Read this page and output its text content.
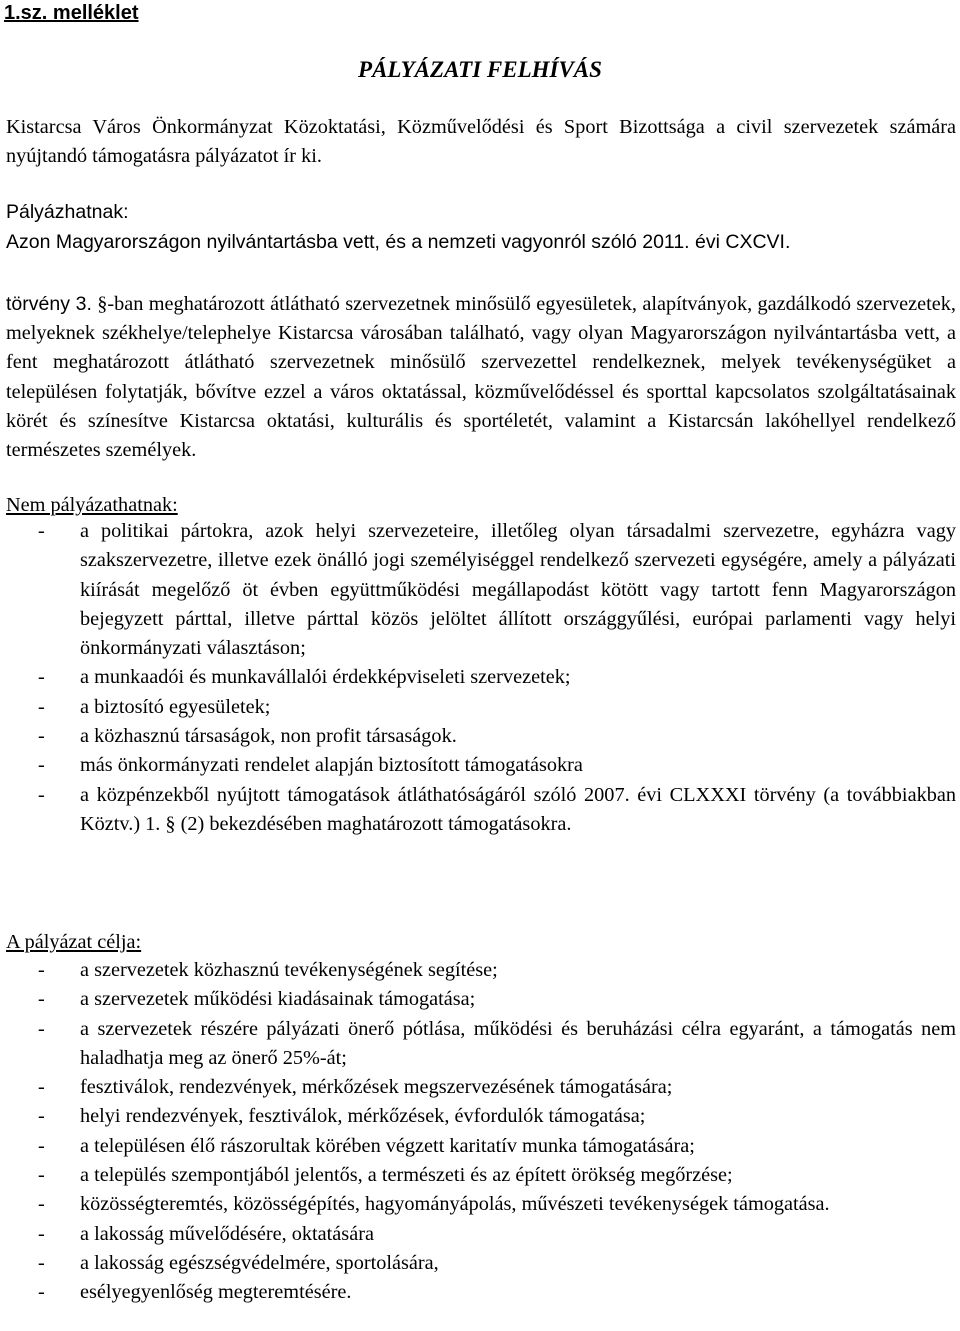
1.sz. melléklet

PÁLYÁZATI FELHÍVÁS

Kistarcsa Város Önkormányzat Közoktatási, Közművelődési és Sport Bizottsága a civil szervezetek számára nyújtandó támogatásra pályázatot ír ki.

Pályázhatnak:

Azon Magyarországon nyilvántartásba vett, és a nemzeti vagyonról szóló 2011. évi CXCVI.

törvény 3. §-ban meghatározott átlátható szervezetnek minősülő egyesületek, alapítványok, gazdálkodó szervezetek, melyeknek székhelye/telephelye Kistarcsa városában található, vagy olyan Magyarországon nyilvántartásba vett, a fent meghatározott átlátható szervezetnek minősülő szervezettel rendelkeznek, melyek tevékenységüket a településen folytatják, bővítve ezzel a város oktatással, közművelődéssel és sporttal kapcsolatos szolgáltatásainak körét és színesítve Kistarcsa oktatási, kulturális és sportéletét, valamint a Kistarcsán lakóhellyel rendelkező természetes személyek.

Nem pályázathatnak:

- a politikai pártokra, azok helyi szervezeteire, illetőleg olyan társadalmi szervezetre, egyházra vagy szakszervezetre, illetve ezek önálló jogi személyiséggel rendelkező szervezeti egységére, amely a pályázati kiírását megelőző öt évben együttműködési megállapodást kötött vagy tartott fenn Magyarországon bejegyzett párttal, illetve párttal közös jelöltet állított országgyűlési, európai parlamenti vagy helyi önkormányzati választáson;
- a munkaadói és munkavállalói érdekképviseleti szervezetek;
- a biztosító egyesületek;
- a közhasznú társaságok, non profit társaságok.
- más önkormányzati rendelet alapján biztosított támogatásokra
- a közpénzekből nyújtott támogatások átláthatóságáról szóló 2007. évi CLXXXI törvény (a továbbiakban Köztv.) 1. § (2) bekezdésében maghatározott támogatásokra.

A pályázat célja:

- a szervezetek közhasznú tevékenységének segítése;
- a szervezetek működési kiadásainak támogatása;
- a szervezetek részére pályázati önerő pótlása, működési és beruházási célra egyaránt, a támogatás nem haladhatja meg az önerő 25%-át;
- fesztiválok, rendezvények, mérkőzések megszervezésének támogatására;
- helyi rendezvények, fesztiválok, mérkőzések, évfordulók támogatása;
- a településen élő rászorultak körében végzett karitatív munka támogatására;
- a település szempontjából jelentős, a természeti és az épített örökség megőrzése;
- közösségteremtés, közösségépítés, hagyományápolás, művészeti tevékenységek támogatása.
- a lakosság művelődésére, oktatására
- a lakosság egészségvédelmére, sportolására,
- esélyegyenlőség megteremtésére.
